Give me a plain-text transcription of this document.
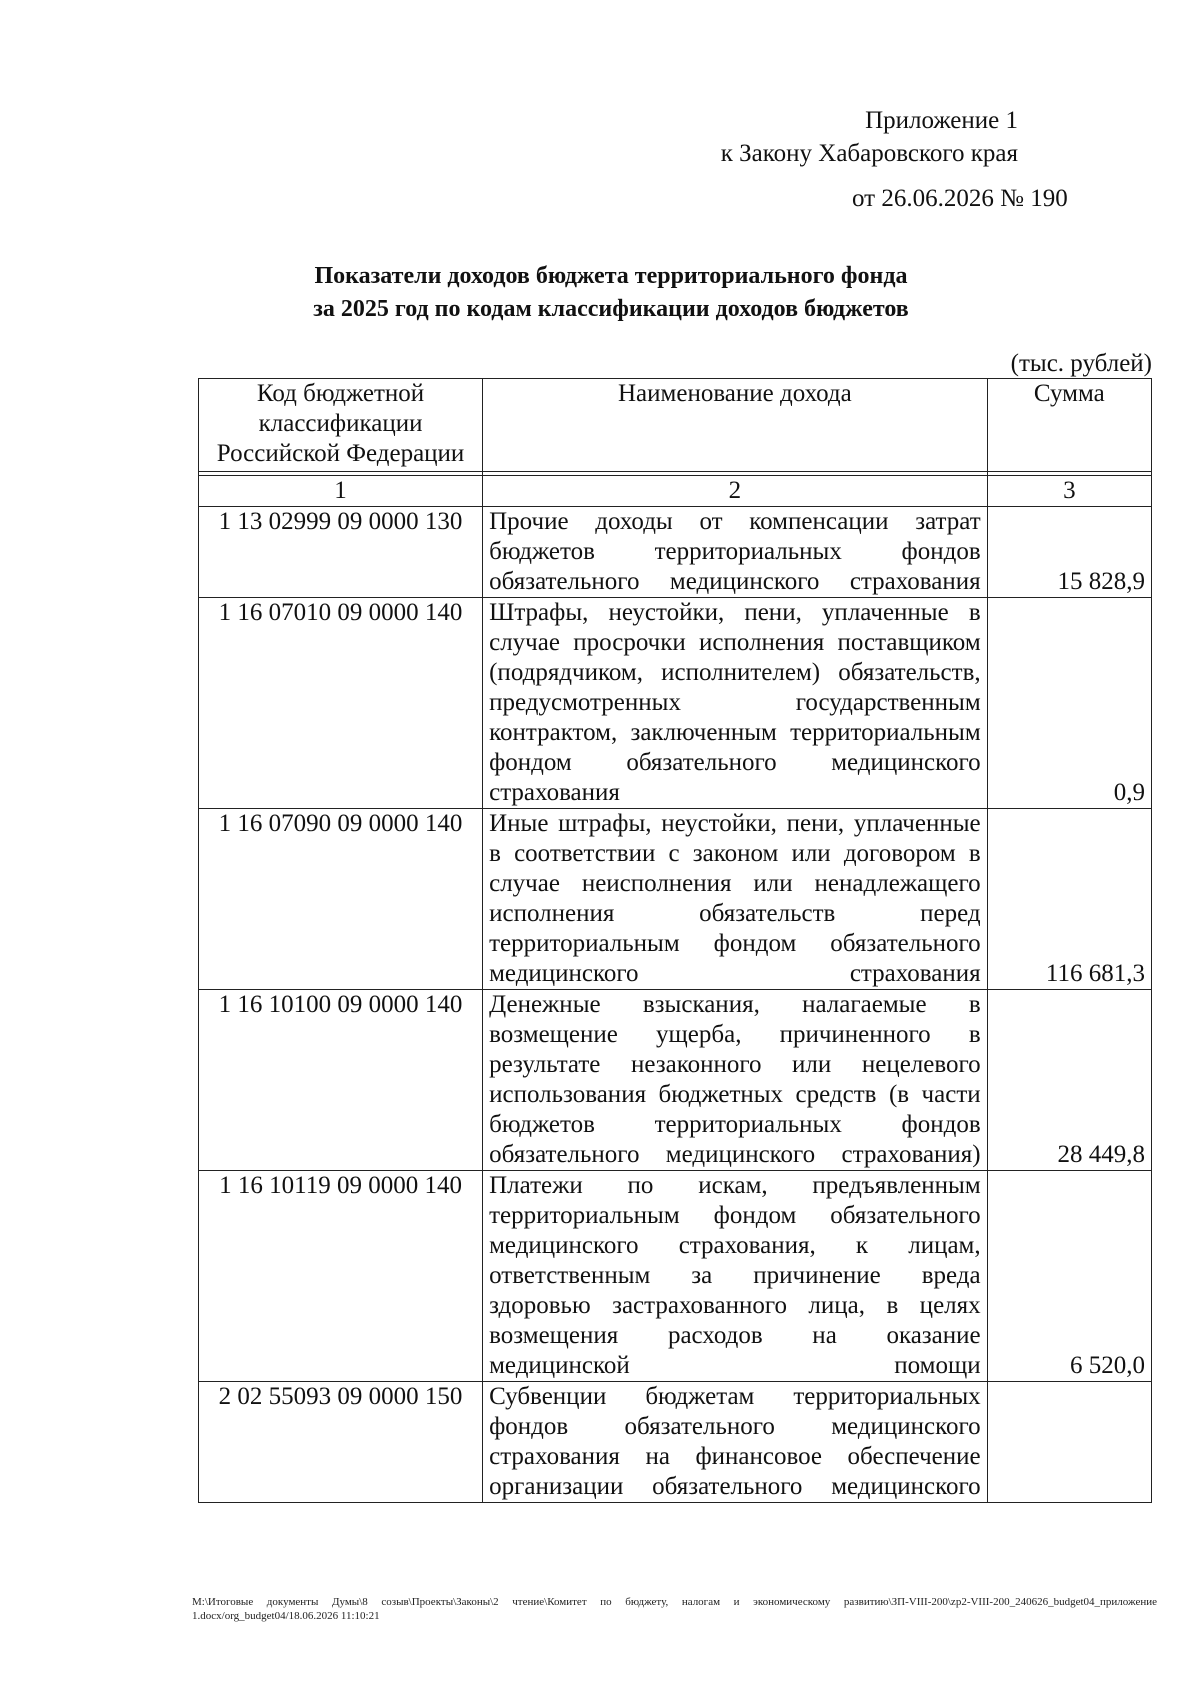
Приложение 1
к Закону Хабаровского края
от 26.06.2026 № 190
Показатели доходов бюджета территориального фонда
за 2025 год по кодам классификации доходов бюджетов
(тыс. рублей)
Код бюджетной классификации Российской Федерации	Наименование дохода	Сумма

1	2	3
1 13 02999 09 0000 130	Прочие доходы от компенсации затрат бюджетов территориальных фондов обязательного медицинского страхования	15 828,9
1 16 07010 09 0000 140	Штрафы, неустойки, пени, уплаченные в случае просрочки исполнения поставщиком (подрядчиком, исполнителем) обязательств, предусмотренных государственным контрактом, заключенным территориальным фондом обязательного медицинского страхования	0,9
1 16 07090 09 0000 140	Иные штрафы, неустойки, пени, уплаченные в соответствии с законом или договором в случае неисполнения или ненадлежащего исполнения обязательств перед территориальным фондом обязательного медицинского страхования	116 681,3
1 16 10100 09 0000 140	Денежные взыскания, налагаемые в возмещение ущерба, причиненного в результате незаконного или нецелевого использования бюджетных средств (в части бюджетов территориальных фондов обязательного медицинского страхования)	28 449,8
1 16 10119 09 0000 140	Платежи по искам, предъявленным территориальным фондом обязательного медицинского страхования, к лицам, ответственным за причинение вреда здоровью застрахованного лица, в целях возмещения расходов на оказание медицинской помощи	6 520,0
2 02 55093 09 0000 150	Субвенции бюджетам территориальных фондов обязательного медицинского страхования на финансовое обеспечение организации обязательного медицинского	
M:\Итоговые документы Думы\8 созыв\Проекты\Законы\2 чтение\Комитет по бюджету, налогам и экономическому развитию\ЗП-VIII-200\zp2-VIII-200_240626_budget04_приложение 1.docx/org_budget04/18.06.2026 11:10:21
